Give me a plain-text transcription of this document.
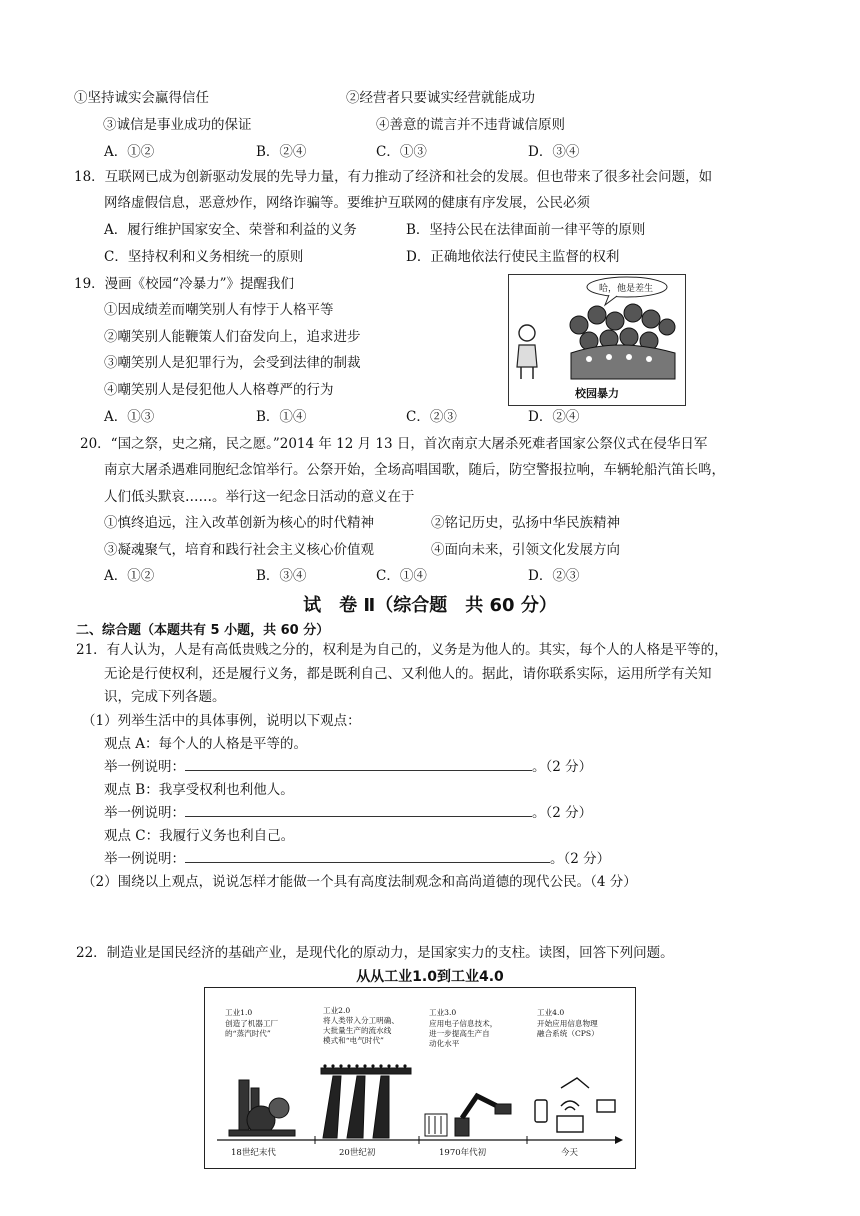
①坚持诚实会赢得信任	②经营者只要诚实经营就能成功
③诚信是事业成功的保证	④善意的谎言并不违背诚信原则
A．①②	B．②④	C．①③	D．③④
18．互联网已成为创新驱动发展的先导力量，有力推动了经济和社会的发展。但也带来了很多社会问题，如
网络虚假信息，恶意炒作，网络诈骗等。要维护互联网的健康有序发展，公民必须
A．履行维护国家安全、荣誉和利益的义务	B．坚持公民在法律面前一律平等的原则
C．坚持权利和义务相统一的原则	D．正确地依法行使民主监督的权利
19．漫画《校园“冷暴力”》提醒我们
①因成绩差而嘲笑别人有悖于人格平等
②嘲笑别人能鞭策人们奋发向上，追求进步
③嘲笑别人是犯罪行为，会受到法律的制裁
④嘲笑别人是侵犯他人人格尊严的行为
A．①③	B．①④	C．②③	D．②④
哈，他是差生
校园暴力
20．“国之祭，史之痛，民之愿。”2014 年 12 月 13 日，首次南京大屠杀死难者国家公祭仪式在侵华日军
南京大屠杀遇难同胞纪念馆举行。公祭开始，全场高唱国歌，随后，防空警报拉响，车辆轮船汽笛长鸣，
人们低头默哀……。举行这一纪念日活动的意义在于
①慎终追远，注入改革创新为核心的时代精神	②铭记历史，弘扬中华民族精神
③凝魂聚气，培育和践行社会主义核心价值观	④面向未来，引领文化发展方向
A．①②	B．③④	C．①④	D．②③
试　卷 Ⅱ（综合题　共 60 分）
二、综合题（本题共有 5 小题，共 60 分）
21．有人认为，人是有高低贵贱之分的，权利是为自己的，义务是为他人的。其实，每个人的人格是平等的，
无论是行使权利，还是履行义务，都是既利自己、又利他人的。据此，请你联系实际，运用所学有关知
识，完成下列各题。
（1）列举生活中的具体事例，说明以下观点：
观点 A：每个人的人格是平等的。
举一例说明：	。（2 分）
观点 B：我享受权利也利他人。
举一例说明：	。（2 分）
观点 C：我履行义务也利自己。
举一例说明：	。（2 分）
（2）围绕以上观点，说说怎样才能做一个具有高度法制观念和高尚道德的现代公民。（4 分）
22．制造业是国民经济的基础产业，是现代化的原动力，是国家实力的支柱。读图，回答下列问题。
从从工业1.0到工业4.0
工业1.0
创造了机器工厂
的“蒸汽时代”
工业2.0
将人类带入分工明确、
大批量生产的流水线
模式和“电气时代”
工业3.0
应用电子信息技术，
进一步提高生产自
动化水平
工业4.0
开始应用信息物理
融合系统（CPS）
18世纪末代	20世纪初	1970年代初	今天
